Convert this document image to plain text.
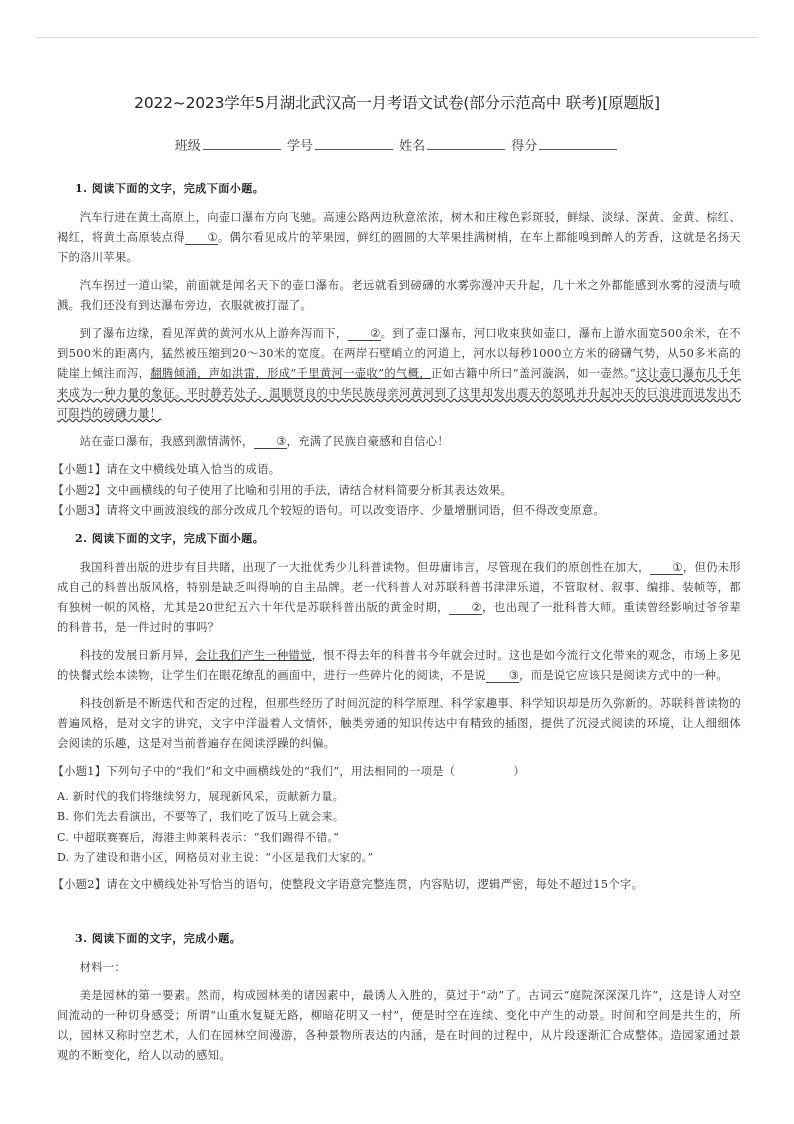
2022~2023学年5月湖北武汉高一月考语文试卷(部分示范高中 联考)[原题版]
班级	学号	姓名	得分
1. 阅读下面的文字，完成下面小题。

汽车行进在黄土高原上，向壶口瀑布方向飞驰。高速公路两边秋意浓浓，树木和庄稼色彩斑驳，鲜绿、淡绿、深黄、金黄、棕红、褐红，将黄土高原装点得 ①。偶尔看见成片的苹果园，鲜红的圆圆的大苹果挂满树梢，在车上都能嗅到醉人的芳香，这就是名扬天下的洛川苹果。

汽车拐过一道山梁，前面就是闻名天下的壶口瀑布。老远就看到磅礴的水雾弥漫冲天升起，几十米之外都能感到水雾的浸渍与喷溅。我们还没有到达瀑布旁边，衣服就被打湿了。

到了瀑布边缘，看见浑黄的黄河水从上游奔泻而下， ②。到了壶口瀑布，河口收束狭如壶口，瀑布上游水面宽500余米，在不到500米的距离内，猛然被压缩到20～30米的宽度。在两岸石壁峭立的河道上，河水以每秒1000立方米的磅礴气势，从50多米高的陡崖上倾注而泻，翻腾倾涌，声如洪雷，形成“千里黄河一壶收”的气概，正如古籍中所曰“盖河漩涡，如一壶然。”这让壶口瀑布几千年来成为一种力量的象征。平时静若处子、温顺贤良的中华民族母亲河黄河到了这里却发出震天的怒吼并升起冲天的巨浪进而迸发出不可阻挡的磅礴力量！

站在壶口瀑布，我感到激情满怀， ③，充满了民族自豪感和自信心！

【小题1】请在文中横线处填入恰当的成语。
【小题2】文中画横线的句子使用了比喻和引用的手法，请结合材料简要分析其表达效果。
【小题3】请将文中画波浪线的部分改成几个较短的语句。可以改变语序、少量增删词语，但不得改变原意。
2. 阅读下面的文字，完成下面小题。

我国科普出版的进步有目共睹，出现了一大批优秀少儿科普读物。但毋庸讳言，尽管现在我们的原创性在加大， ①，但仍未形成自己的科普出版风格，特别是缺乏叫得响的自主品牌。老一代科普人对苏联科普书津津乐道，不管取材、叙事、编排、装帧等，都有独树一帜的风格，尤其是20世纪五六十年代是苏联科普出版的黄金时期， ②，也出现了一批科普大师。重读曾经影响过爷爷辈的科普书，是一件过时的事吗？

科技的发展日新月异，会让我们产生一种错觉，恨不得去年的科普书今年就会过时。这也是如今流行文化带来的观念，市场上多见的快餐式绘本读物，让学生们在眼花缭乱的画面中，进行一些碎片化的阅读，不是说 ③，而是说它应该只是阅读方式中的一种。

科技创新是不断迭代和否定的过程，但那些经历了时间沉淀的科学原理、科学家趣事、科学知识却是历久弥新的。苏联科普读物的普遍风格，是对文字的讲究，文字中洋溢着人文情怀，触类旁通的知识传达中有精致的插图，提供了沉浸式阅读的环境，让人细细体会阅读的乐趣，这是对当前普遍存在阅读浮躁的纠偏。

【小题1】下列句子中的“我们”和文中画横线处的“我们”，用法相同的一项是（　　　　　）
A. 新时代的我们将继续努力，展现新风采，贡献新力量。
B. 你们先去看演出，不要等了，我们吃了饭马上就会来。
C. 中超联赛赛后，海港主帅莱科表示：“我们踢得不错。”
D. 为了建设和谐小区，网格员对业主说：“小区是我们大家的。”
【小题2】请在文中横线处补写恰当的语句，使整段文字语意完整连贯，内容贴切，逻辑严密，每处不超过15个字。
3. 阅读下面的文字，完成小题。

材料一：

美是园林的第一要素。然而，构成园林美的诸因素中，最诱人入胜的，莫过于“动”了。古词云“庭院深深深几许”，这是诗人对空间流动的一种切身感受；所谓“山重水复疑无路，柳暗花明又一村”，便是时空在连续、变化中产生的动景。时间和空间是共生的，所以，园林又称时空艺术，人们在园林空间漫游，各种景物所表达的内涵，是在时间的过程中，从片段逐渐汇合成整体。造园家通过景观的不断变化，给人以动的感知。
